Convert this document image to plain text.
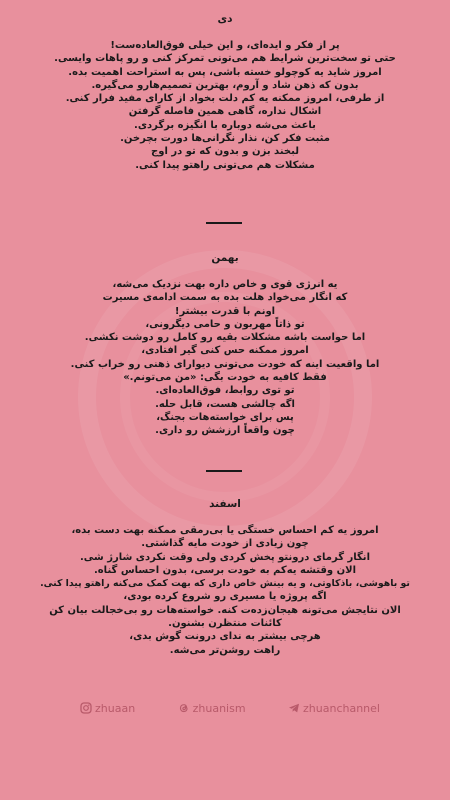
دی
پر از فکر و ایده‌ای، و این خیلی فوق‌العاده‌ست!
حتی تو سخت‌ترین شرایط هم می‌تونی تمرکز کنی و رو پاهات وایسی.
امروز شاید یه کوچولو خسته باشی، پس به استراحت اهمیت بده.
بدون که ذهن شاد و آروم، بهترین تصمیم‌هارو می‌گیره.
از طرفی، امروز ممکنه یه کم دلت بخواد از کارای مفید فرار کنی.
اشکال نداره، گاهی همین فاصله گرفتن
باعث می‌شه دوباره با انگیزه برگردی.
مثبت فکر کن، نذار نگرانی‌ها دورت بچرخن.
لبخند بزن و بدون که تو در اوج
مشکلات هم می‌تونی راهتو پیدا کنی.
بهمن
یه انرژی قوی و خاص داره بهت نزدیک می‌شه،
که انگار می‌خواد هلت بده به سمت ادامه‌ی مسیرت
اونم با قدرت بیشتر!
تو ذاتاً مهربون و حامی دیگرونی،
اما حواست باشه مشکلات بقیه رو کامل رو دوشت نکشی.
امروز ممکنه حس کنی گیر افتادی،
اما واقعیت اینه که خودت می‌تونی دیوارای ذهنی رو خراب کنی.
فقط کافیه به خودت بگی: «من می‌تونم.»
تو توی روابط، فوق‌العاده‌ای.
اگه چالشی هست، قابل حله.
پس برای خواسته‌هات بجنگ،
چون واقعاً ارزشش رو داری.
اسفند
امروز یه کم احساس خستگی یا بی‌رمقی ممکنه بهت دست بده،
چون زیادی از خودت مایه گذاشتی.
انگار گرمای درونتو پخش کردی ولی وقت نکردی شارژ شی.
الان وقتشه یه‌کم به خودت برسی، بدون احساس گناه.
تو باهوشی، باذکاوتی، و یه بینش خاص داری که بهت کمک می‌کنه راهتو پیدا کنی.
اگه پروژه یا مسیری رو شروع کرده بودی،
الان نتایجش می‌تونه هیجان‌زده‌ت کنه. خواسته‌هات رو بی‌خجالت بیان کن
کائنات منتظرن بشنون.
هرچی بیشتر به ندای درونت گوش بدی،
راهت روشن‌تر می‌شه.
zhuaan	zhuanism	zhuanchannel
